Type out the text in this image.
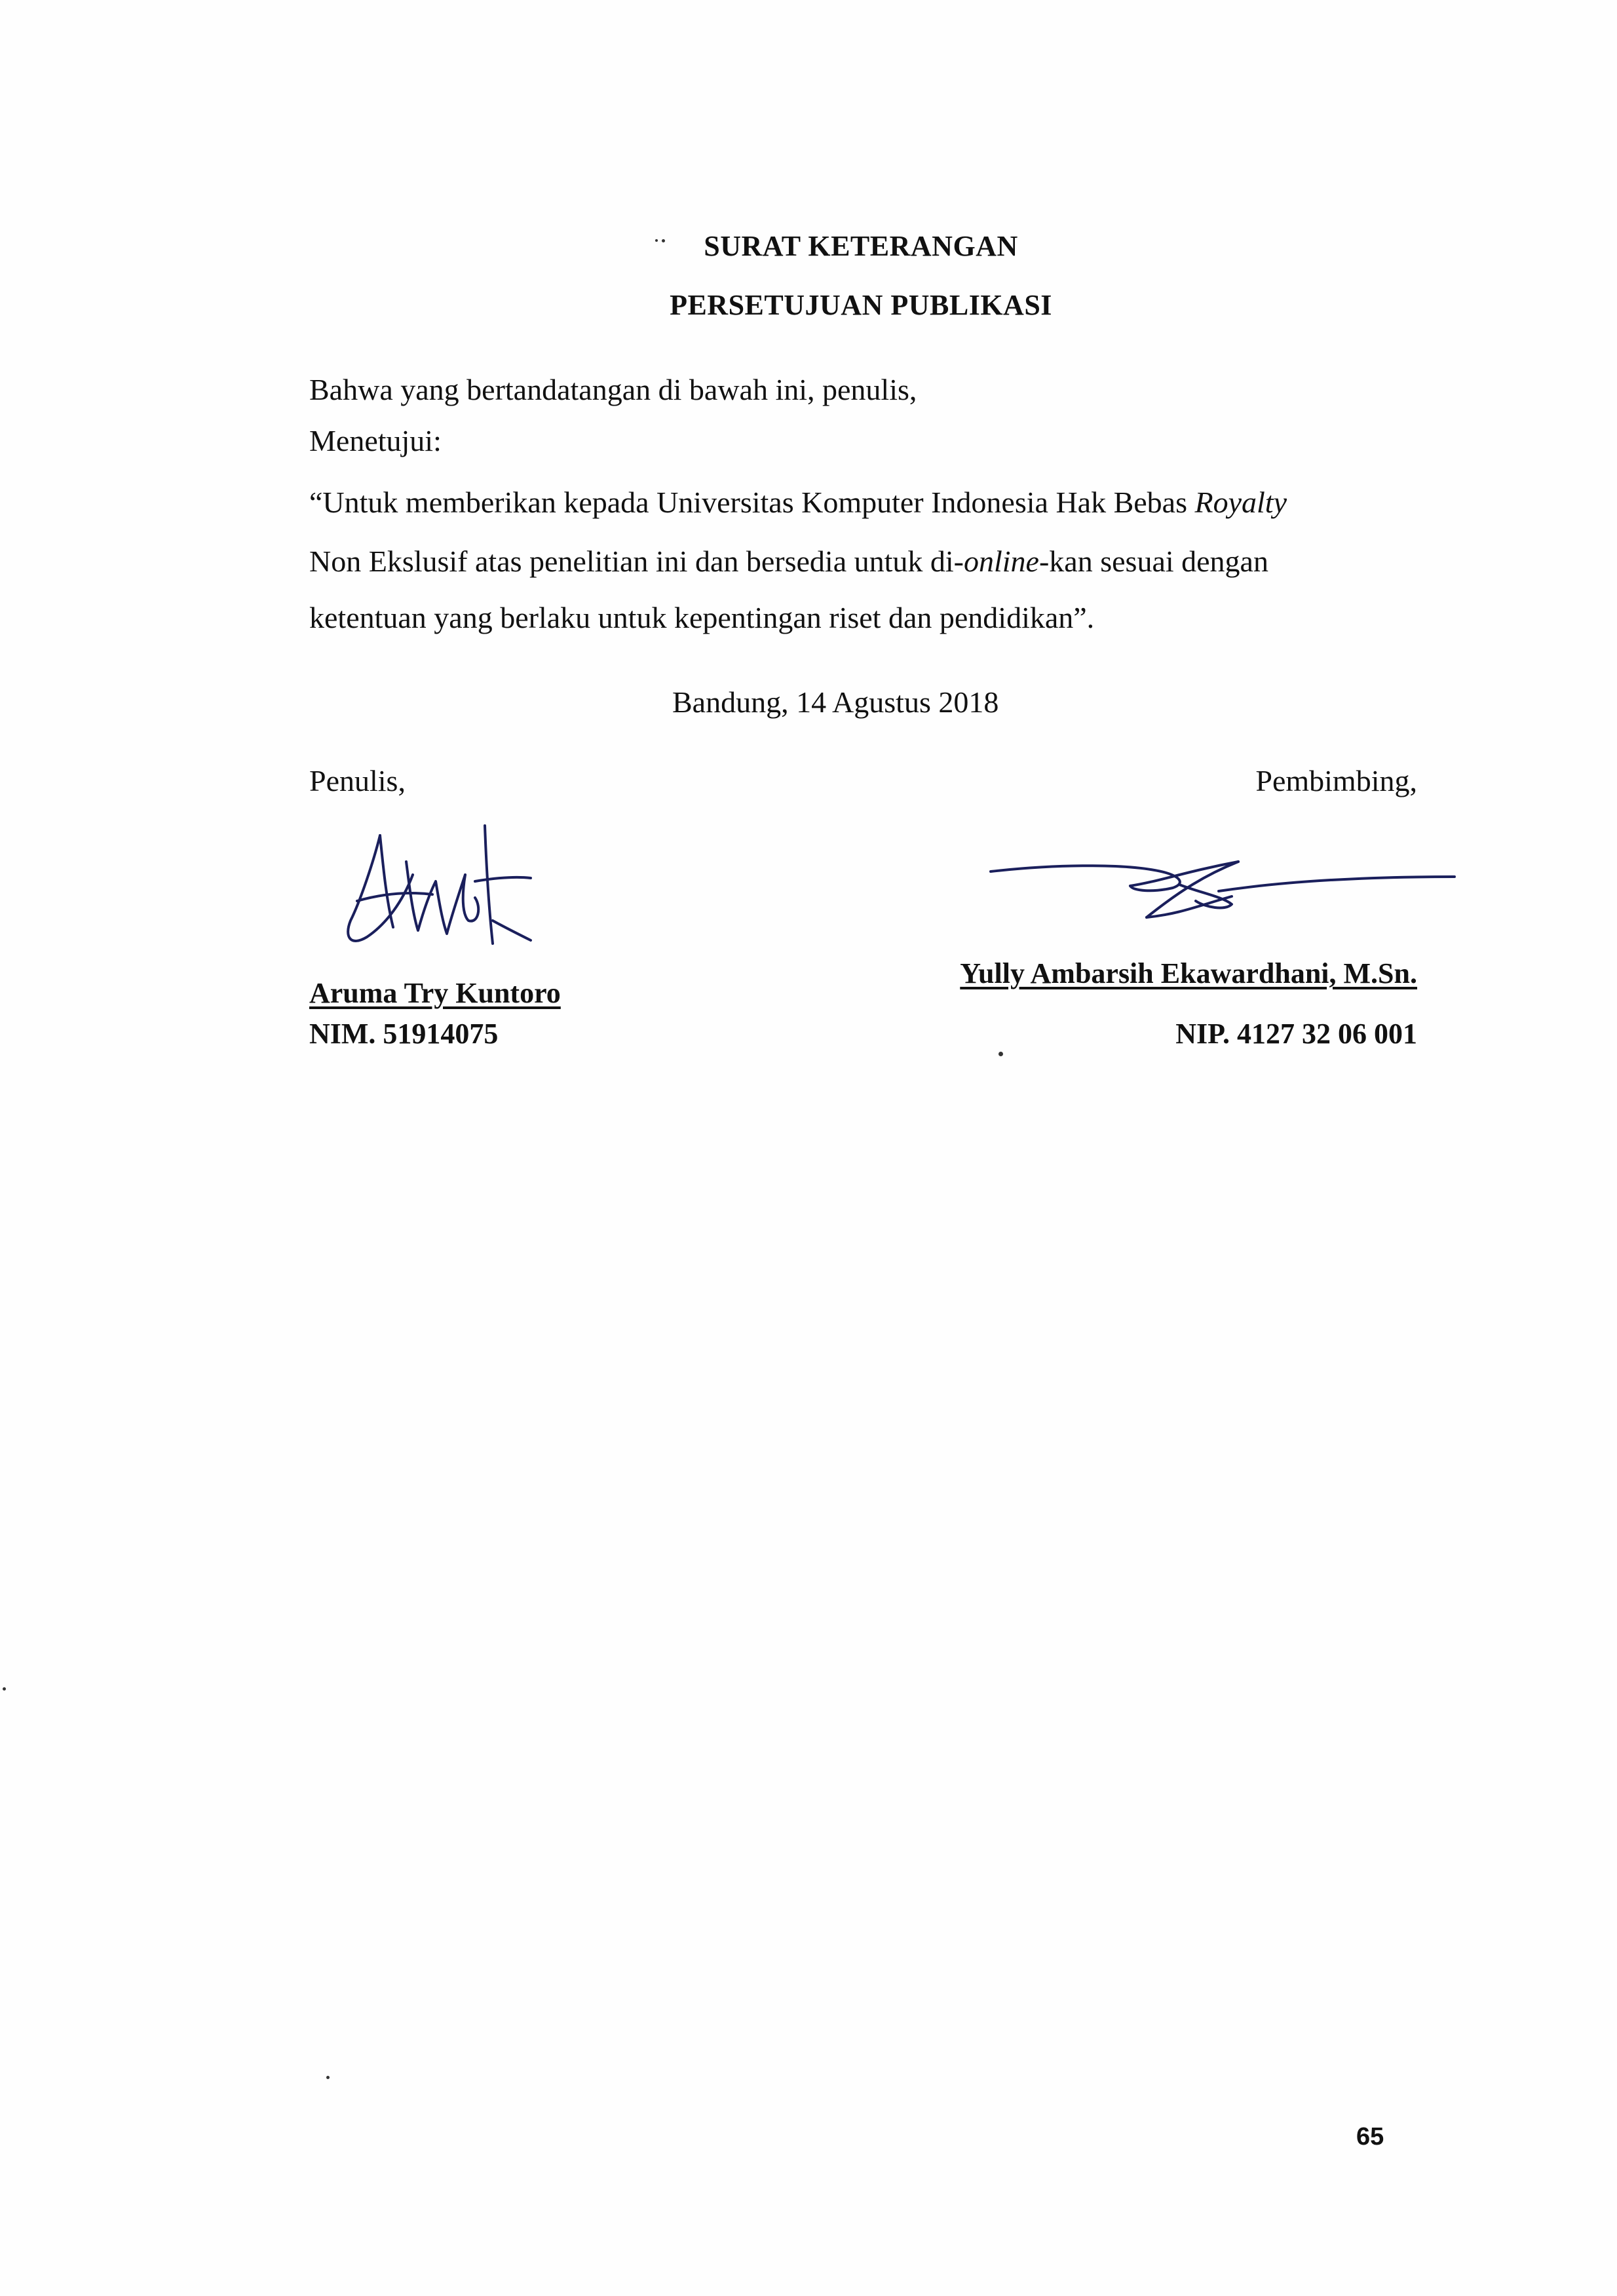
SURAT KETERANGAN
PERSETUJUAN PUBLIKASI
Bahwa yang bertandatangan di bawah ini, penulis,
Menetujui:
“Untuk memberikan kepada Universitas Komputer Indonesia Hak Bebas Royalty
Non Ekslusif atas penelitian ini dan bersedia untuk di-online-kan sesuai dengan
ketentuan yang berlaku untuk kepentingan riset dan pendidikan”.
Bandung, 14 Agustus 2018
Penulis,	Pembimbing,
Aruma Try Kuntoro
Yully Ambarsih Ekawardhani, M.Sn.
NIM. 51914075	NIP. 4127 32 06 001
65
